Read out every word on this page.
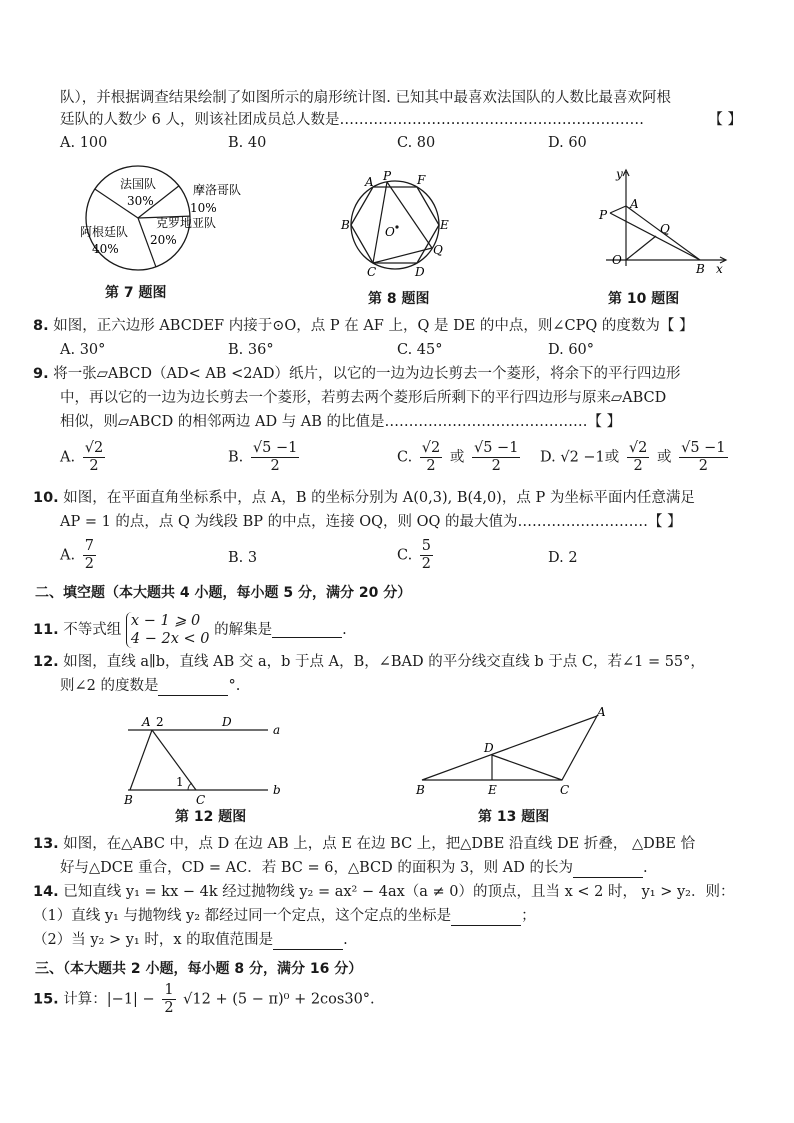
队），并根据调查结果绘制了如图所示的扇形统计图. 已知其中最喜欢法国队的人数比最喜欢阿根
廷队的人数少 6 人，则该社团成员总人数是………………………………………………………	【 】
A. 100	B. 40	C. 80	D. 60
法国队
30%
摩洛哥队
10%
克罗地亚队
20%
阿根廷队
40%
第 7 题图
A P F
B	O	E
Q
C	D
第 8 题图
y
P
A
Q
O
B x
第 10 题图
8. 如图，正六边形 ABCDEF 内接于⊙O，点 P 在 AF 上，Q 是 DE 的中点，则∠CPQ 的度数为【 】
A. 30°	B. 36°	C. 45°	D. 60°
9. 将一张▱ABCD（AD< AB <2AD）纸片，以它的一边为边长剪去一个菱形，将余下的平行四边形
中，再以它的一边为边长剪去一个菱形，若剪去两个菱形后所剩下的平行四边形与原来▱ABCD
相似，则▱ABCD 的相邻两边 AD 与 AB 的比值是……………………………………【 】
A. $\frac{√2}{2}$	B. $\frac{√5 -1}{2}$	C. $\frac{√2}{2}$ 或 $\frac{√5 -1}{2} D$. √2 −1或 $\frac{√2}{2}$ 或 $\frac{√5 -1}{2}$
10. 如图，在平面直角坐标系中，点 A，B 的坐标分别为 A(0,3), B(4,0)，点 P 为坐标平面内任意满足
AP = 1 的点，点 Q 为线段 BP 的中点，连接 OQ，则 OQ 的最大值为………………………【 】
A. $\frac{7}{2}$	B. 3	C. $\frac{5}{2}$	D. 2
二、填空题（本大题共 4 小题，每小题 5 分，满分 20 分）
11. 不等式组
x − 1 ⩾ 0
4 − 2x < 0
的解集是	.
12. 如图，直线 a∥b，直线 AB 交 a，b 于点 A，B，∠BAD 的平分线交直线 b 于点 C，若∠1 = 55°，
则∠2 的度数是	°.
A 2	D
a
1
B	C
b
第 12 题图
A
D
B	E	C
第 13 题图
13. 如图，在△ABC 中，点 D 在边 AB 上，点 E 在边 BC 上，把△DBE 沿直线 DE 折叠， △DBE 恰
好与△DCE 重合，CD = AC．若 BC = 6，△BCD 的面积为 3，则 AD 的长为	.
14. 已知直线 y₁ = kx − 4k 经过抛物线 y₂ = ax² − 4ax（a ≠ 0）的顶点，且当 x < 2 时， y₁ > y₂．则：
（1）直线 y₁ 与抛物线 y₂ 都经过同一个定点，这个定点的坐标是	；
（2）当 y₂ > y₁ 时，x 的取值范围是	.
三、（本大题共 2 小题，每小题 8 分，满分 16 分）
15. 计算：$|-1| - \frac{1}{2} √12 + (5 - \pi)^0 + 2\cos 30^\circ$.
